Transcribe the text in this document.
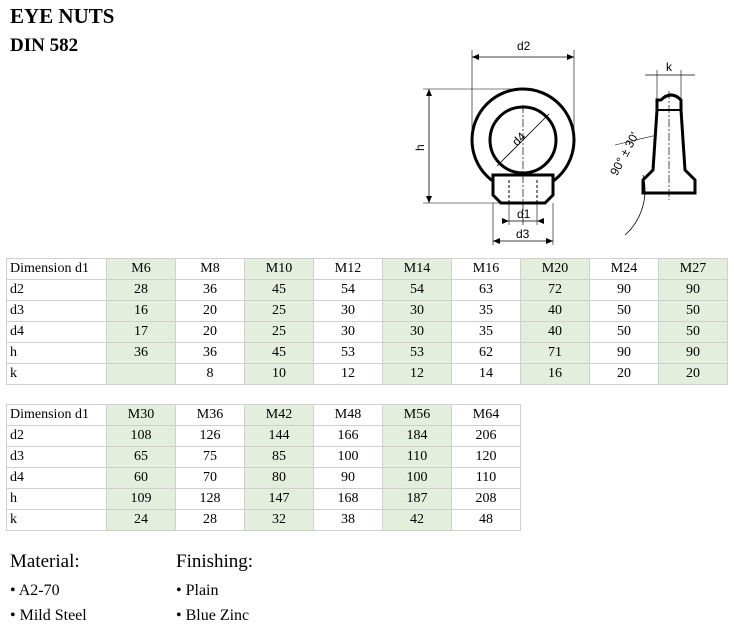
EYE NUTS
DIN 582	d2
h	d4
d1
d3
k
90° ± 30'
Dimension d1	M6	M8	M10	M12	M14	M16	M20	M24	M27
d2	28	36	45	54	54	63	72	90	90
d3	16	20	25	30	30	35	40	50	50
d4	17	20	25	30	30	35	40	50	50
h	36	36	45	53	53	62	71	90	90
k		8	10	12	12	14	16	20	20
Dimension d1	M30	M36	M42	M48	M56	M64
d2	108	126	144	166	184	206
d3	65	75	85	100	110	120
d4	60	70	80	90	100	110
h	109	128	147	168	187	208
k	24	28	32	38	42	48
Material:
• A2-70
• Mild Steel
Finishing:
• Plain
• Blue Zinc
